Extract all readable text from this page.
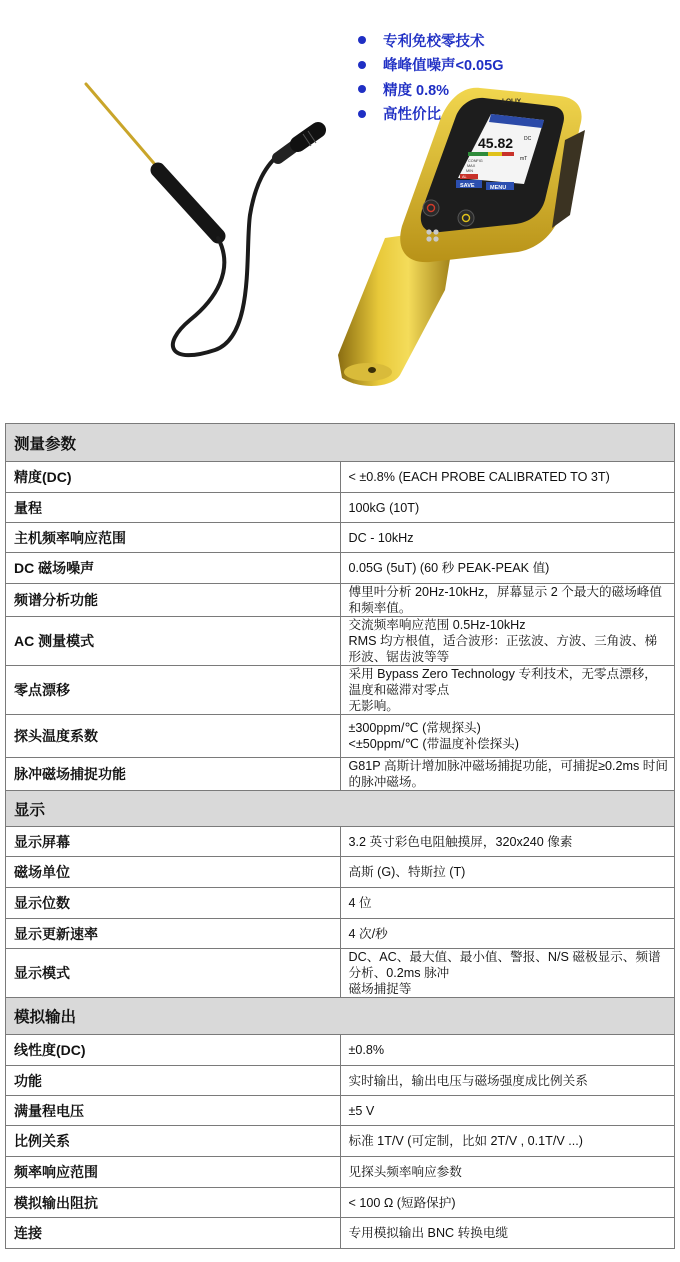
LOLIY
45.82 DC
mT
CONFIG
MAX
MIN
AL
SAVE	MENU
专利免校零技术
峰峰值噪声<0.05G
精度 0.8%
高性价比
测量参数	
精度(DC)	< ±0.8% (EACH PROBE CALIBRATED TO 3T)

量程	100kG (10T)

主机频率响应范围	DC - 10kHz

DC 磁场噪声	0.05G (5uT) (60 秒 PEAK-PEAK 值)

频谱分析功能	傅里叶分析 20Hz-10kHz，屏幕显示 2 个最大的磁场峰值和频率值。

AC 测量模式	交流频率响应范围 0.5Hz-10kHz
RMS 均方根值，适合波形：正弦波、方波、三角波、梯形波、锯齿波等等

零点漂移	采用 Bypass Zero Technology 专利技术，无零点漂移，温度和磁滞对零点
无影响。

探头温度系数	±300ppm/℃ (常规探头)
<±50ppm/℃ (带温度补偿探头)

脉冲磁场捕捉功能	G81P 高斯计增加脉冲磁场捕捉功能，可捕捉≥0.2ms 时间的脉冲磁场。

显示	
显示屏幕	3.2 英寸彩色电阻触摸屏，320x240 像素

磁场单位	高斯 (G)、特斯拉 (T)

显示位数	4 位

显示更新速率	4 次/秒

显示模式	DC、AC、最大值、最小值、警报、N/S 磁极显示、频谱分析、0.2ms 脉冲
磁场捕捉等

模拟输出	
线性度(DC)	±0.8%

功能	实时输出，输出电压与磁场强度成比例关系

满量程电压	±5 V

比例关系	标准 1T/V (可定制，比如 2T/V , 0.1T/V ...)

频率响应范围	见探头频率响应参数

模拟输出阻抗	< 100 Ω (短路保护)

连接	专用模拟输出 BNC 转换电缆
